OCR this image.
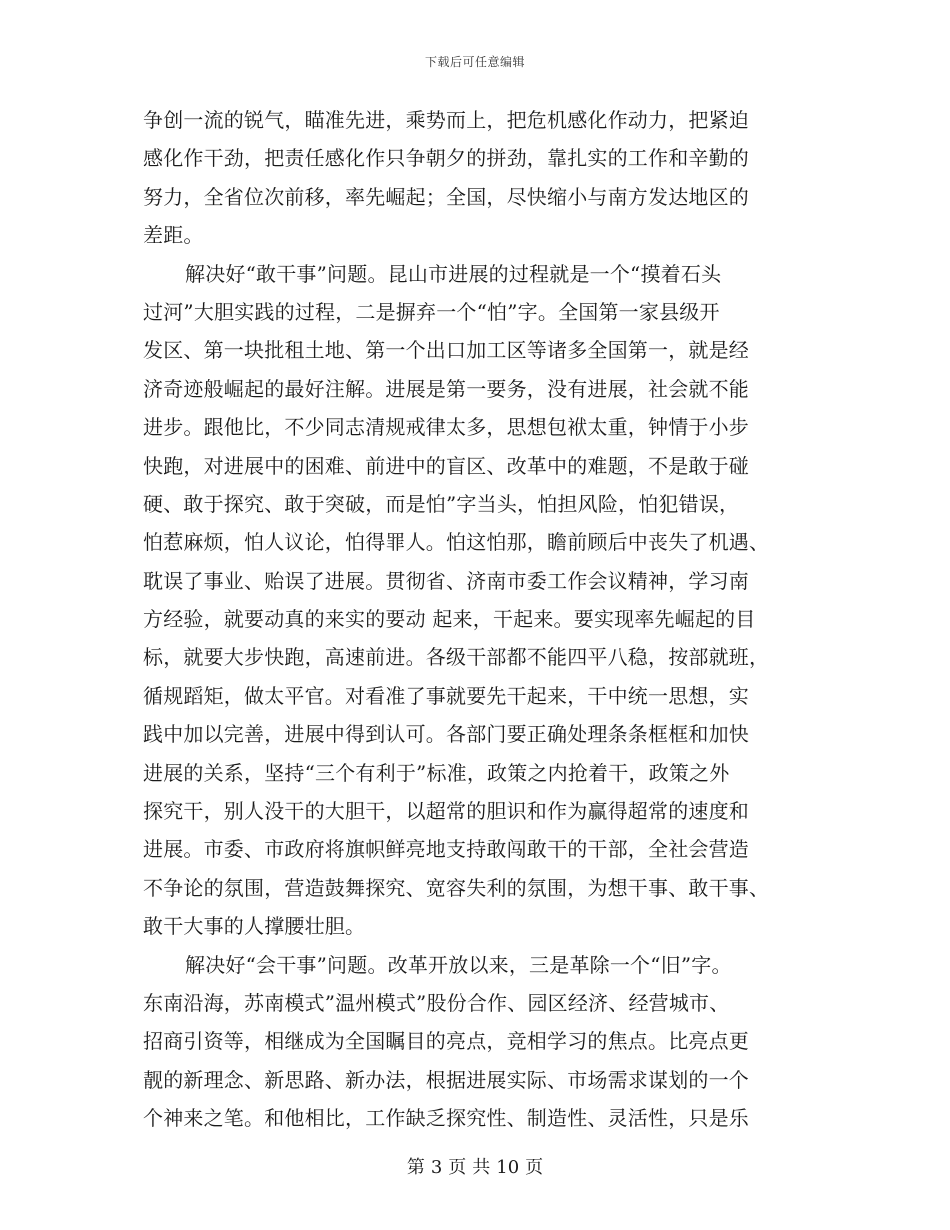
下载后可任意编辑
争创一流的锐气，瞄准先进，乘势而上，把危机感化作动力，把紧迫
感化作干劲，把责任感化作只争朝夕的拼劲，靠扎实的工作和辛勤的
努力，全省位次前移，率先崛起；全国，尽快缩小与南方发达地区的
差距。
解决好“敢干事”问题。昆山市进展的过程就是一个“摸着石头
过河”大胆实践的过程，二是摒弃一个“怕”字。全国第一家县级开
发区、第一块批租土地、第一个出口加工区等诸多全国第一，就是经
济奇迹般崛起的最好注解。进展是第一要务，没有进展，社会就不能
进步。跟他比，不少同志清规戒律太多，思想包袱太重，钟情于小步
快跑，对进展中的困难、前进中的盲区、改革中的难题，不是敢于碰
硬、敢于探究、敢于突破，而是怕”字当头，怕担风险，怕犯错误，
怕惹麻烦，怕人议论，怕得罪人。怕这怕那，瞻前顾后中丧失了机遇、
耽误了事业、贻误了进展。贯彻省、济南市委工作会议精神，学习南
方经验，就要动真的来实的要动 起来，干起来。要实现率先崛起的目
标，就要大步快跑，高速前进。各级干部都不能四平八稳，按部就班，
循规蹈矩，做太平官。对看准了事就要先干起来，干中统一思想，实
践中加以完善，进展中得到认可。各部门要正确处理条条框框和加快
进展的关系，坚持“三个有利于”标准，政策之内抢着干，政策之外
探究干，别人没干的大胆干，以超常的胆识和作为赢得超常的速度和
进展。市委、市政府将旗帜鲜亮地支持敢闯敢干的干部，全社会营造
不争论的氛围，营造鼓舞探究、宽容失利的氛围，为想干事、敢干事、
敢干大事的人撑腰壮胆。
解决好“会干事”问题。改革开放以来，三是革除一个“旧”字。
东南沿海，苏南模式”温州模式”股份合作、园区经济、经营城市、
招商引资等，相继成为全国瞩目的亮点，竞相学习的焦点。比亮点更
靓的新理念、新思路、新办法，根据进展实际、市场需求谋划的一个
个神来之笔。和他相比，工作缺乏探究性、制造性、灵活性，只是乐
第 3 页 共 10 页
